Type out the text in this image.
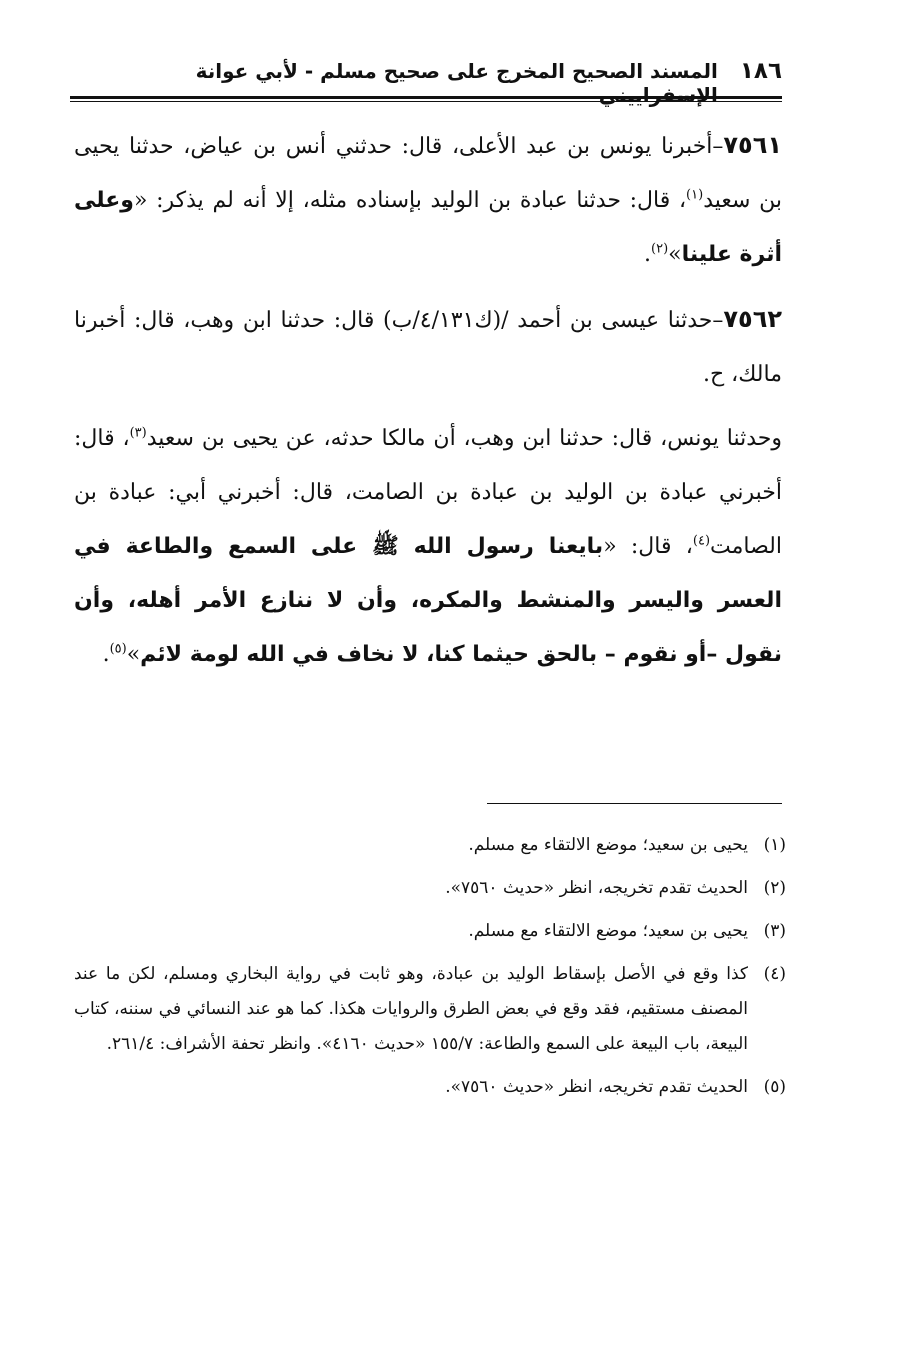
١٨٦
المسند الصحيح المخرج على صحيح مسلم - لأبي عوانة الإسفراييني

٧٥٦١–أخبرنا يونس بن عبد الأعلى، قال: حدثني أنس بن عياض، حدثنا يحيى بن سعيد$^{(١)}$، قال: حدثنا عبادة بن الوليد بإسناده مثله، إلا أنه لم يذكر: «وعلى أثرة علينا»$^{(٢)}$.

٧٥٦٢–حدثنا عيسى بن أحمد /(ك٤/١٣١/ب) قال: حدثنا ابن وهب، قال: أخبرنا مالك، ح.

وحدثنا يونس، قال: حدثنا ابن وهب، أن مالكا حدثه، عن يحيى بن سعيد$^{(٣)}$، قال: أخبرني عبادة بن الوليد بن عبادة بن الصامت، قال: أخبرني أبي: عبادة بن الصامت$^{(٤)}$، قال: «بايعنا رسول الله ﷺ على السمع والطاعة في العسر واليسر والمنشط والمكره، وأن لا ننازع الأمر أهله، وأن نقول –أو نقوم – بالحق حيثما كنا، لا نخاف في الله لومة لائم»$^{(٥)}$.

(١)
يحيى بن سعيد؛ موضع الالتقاء مع مسلم.
(٢)
الحديث تقدم تخريجه، انظر «حديث ٧٥٦٠».
(٣)
يحيى بن سعيد؛ موضع الالتقاء مع مسلم.
(٤)
كذا وقع في الأصل بإسقاط الوليد بن عبادة، وهو ثابت في رواية البخاري ومسلم، لكن ما عند المصنف مستقيم، فقد وقع في بعض الطرق والروايات هكذا. كما هو عند النسائي في سننه، كتاب البيعة، باب البيعة على السمع والطاعة: ١٥٥/٧ «حديث ٤١٦٠». وانظر تحفة الأشراف: ٢٦١/٤.
(٥)
الحديث تقدم تخريجه، انظر «حديث ٧٥٦٠».
